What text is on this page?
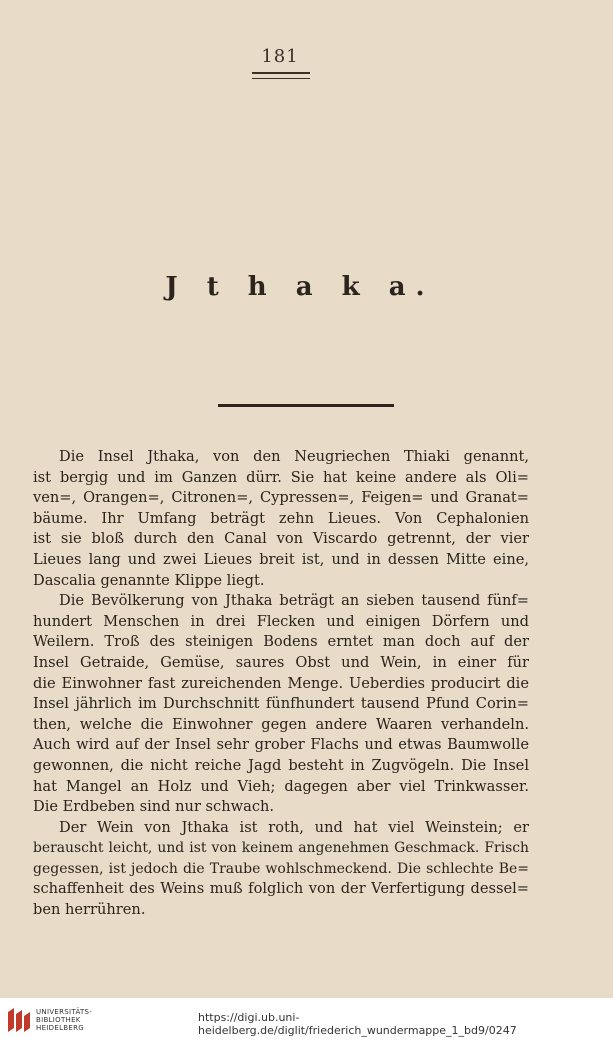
181
J t h a k a.
Die Insel Jthaka, von den Neugriechen Thiaki genannt,
ist bergig und im Ganzen dürr. Sie hat keine andere als Oli=
ven=, Orangen=, Citronen=, Cypressen=, Feigen= und Granat=
bäume. Ihr Umfang beträgt zehn Lieues. Von Cephalonien
ist sie bloß durch den Canal von Viscardo getrennt, der vier
Lieues lang und zwei Lieues breit ist, und in dessen Mitte eine,
Dascalia genannte Klippe liegt.
Die Bevölkerung von Jthaka beträgt an sieben tausend fünf=
hundert Menschen in drei Flecken und einigen Dörfern und
Weilern. Troß des steinigen Bodens erntet man doch auf der
Insel Getraide, Gemüse, saures Obst und Wein, in einer für
die Einwohner fast zureichenden Menge. Ueberdies producirt die
Insel jährlich im Durchschnitt fünfhundert tausend Pfund Corin=
then, welche die Einwohner gegen andere Waaren verhandeln.
Auch wird auf der Insel sehr grober Flachs und etwas Baumwolle
gewonnen, die nicht reiche Jagd besteht in Zugvögeln. Die Insel
hat Mangel an Holz und Vieh; dagegen aber viel Trinkwasser.
Die Erdbeben sind nur schwach.
Der Wein von Jthaka ist roth, und hat viel Weinstein; er
berauscht leicht, und ist von keinem angenehmen Geschmack. Frisch
gegessen, ist jedoch die Traube wohlschmeckend. Die schlechte Be=
schaffenheit des Weins muß folglich von der Verfertigung dessel=
ben herrühren.
UNIVERSITÄTS-
BIBLIOTHEK
HEIDELBERG
https://digi.ub.uni-heidelberg.de/diglit/friederich_wundermappe_1_bd9/0247
